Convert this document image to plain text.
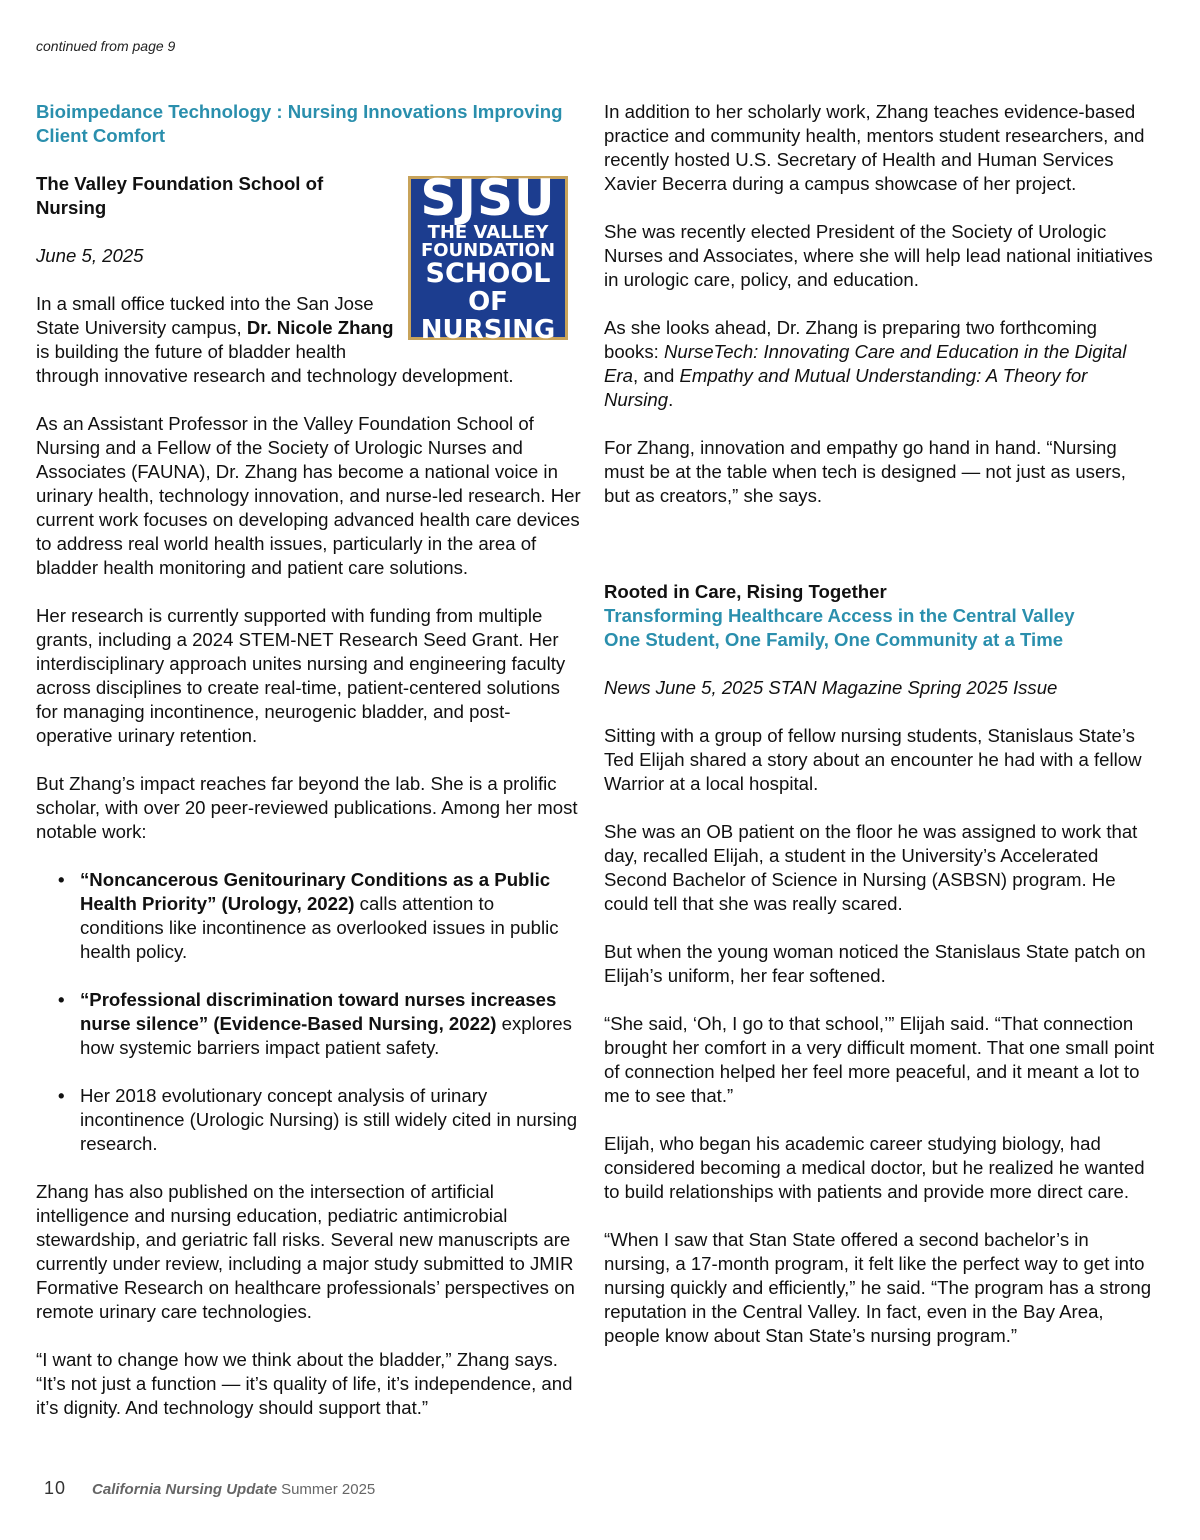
continued from page 9

Bioimpedance Technology : Nursing Innovations Improving Client Comfort

SJSU
THE VALLEY
FOUNDATION
SCHOOL
OF NURSING

The Valley Foundation School of Nursing

June 5, 2025

In a small office tucked into the San Jose State University campus, Dr. Nicole Zhang is building the future of bladder health through innovative research and technology development.

As an Assistant Professor in the Valley Foundation School of Nursing and a Fellow of the Society of Urologic Nurses and Associates (FAUNA), Dr. Zhang has become a national voice in urinary health, technology innovation, and nurse-led research. Her current work focuses on developing advanced health care devices to address real world health issues, particularly in the area of bladder health monitoring and patient care solutions.

Her research is currently supported with funding from multiple grants, including a 2024 STEM-NET Research Seed Grant. Her interdisciplinary approach unites nursing and engineering faculty across disciplines to create real-time, patient-centered solutions for managing incontinence, neurogenic bladder, and post-operative urinary retention.

But Zhang’s impact reaches far beyond the lab. She is a prolific scholar, with over 20 peer-reviewed publications. Among her most notable work:

• “Noncancerous Genitourinary Conditions as a Public Health Priority” (Urology, 2022) calls attention to conditions like incontinence as overlooked issues in public health policy.
• “Professional discrimination toward nurses increases nurse silence” (Evidence-Based Nursing, 2022) explores how systemic barriers impact patient safety.
• Her 2018 evolutionary concept analysis of urinary incontinence (Urologic Nursing) is still widely cited in nursing research.

Zhang has also published on the intersection of artificial intelligence and nursing education, pediatric antimicrobial stewardship, and geriatric fall risks. Several new manuscripts are currently under review, including a major study submitted to JMIR Formative Research on healthcare professionals’ perspectives on remote urinary care technologies.

“I want to change how we think about the bladder,” Zhang says. “It’s not just a function — it’s quality of life, it’s independence, and it’s dignity. And technology should support that.”

In addition to her scholarly work, Zhang teaches evidence-based practice and community health, mentors student researchers, and recently hosted U.S. Secretary of Health and Human Services Xavier Becerra during a campus showcase of her project.

She was recently elected President of the Society of Urologic Nurses and Associates, where she will help lead national initiatives in urologic care, policy, and education.

As she looks ahead, Dr. Zhang is preparing two forthcoming books: NurseTech: Innovating Care and Education in the Digital Era, and Empathy and Mutual Understanding: A Theory for Nursing.

For Zhang, innovation and empathy go hand in hand. “Nursing must be at the table when tech is designed — not just as users, but as creators,” she says.

Rooted in Care, Rising Together
Transforming Healthcare Access in the Central Valley
One Student, One Family, One Community at a Time

News June 5, 2025 STAN Magazine Spring 2025 Issue

Sitting with a group of fellow nursing students, Stanislaus State’s Ted Elijah shared a story about an encounter he had with a fellow Warrior at a local hospital.

She was an OB patient on the floor he was assigned to work that day, recalled Elijah, a student in the University’s Accelerated Second Bachelor of Science in Nursing (ASBSN) program. He could tell that she was really scared.

But when the young woman noticed the Stanislaus State patch on Elijah’s uniform, her fear softened.

“She said, ‘Oh, I go to that school,’” Elijah said. “That connection brought her comfort in a very difficult moment. That one small point of connection helped her feel more peaceful, and it meant a lot to me to see that.”

Elijah, who began his academic career studying biology, had considered becoming a medical doctor, but he realized he wanted to build relationships with patients and provide more direct care.

“When I saw that Stan State offered a second bachelor’s in nursing, a 17-month program, it felt like the perfect way to get into nursing quickly and efficiently,” he said. “The program has a strong reputation in the Central Valley. In fact, even in the Bay Area, people know about Stan State’s nursing program.”

10 California Nursing Update Summer 2025
